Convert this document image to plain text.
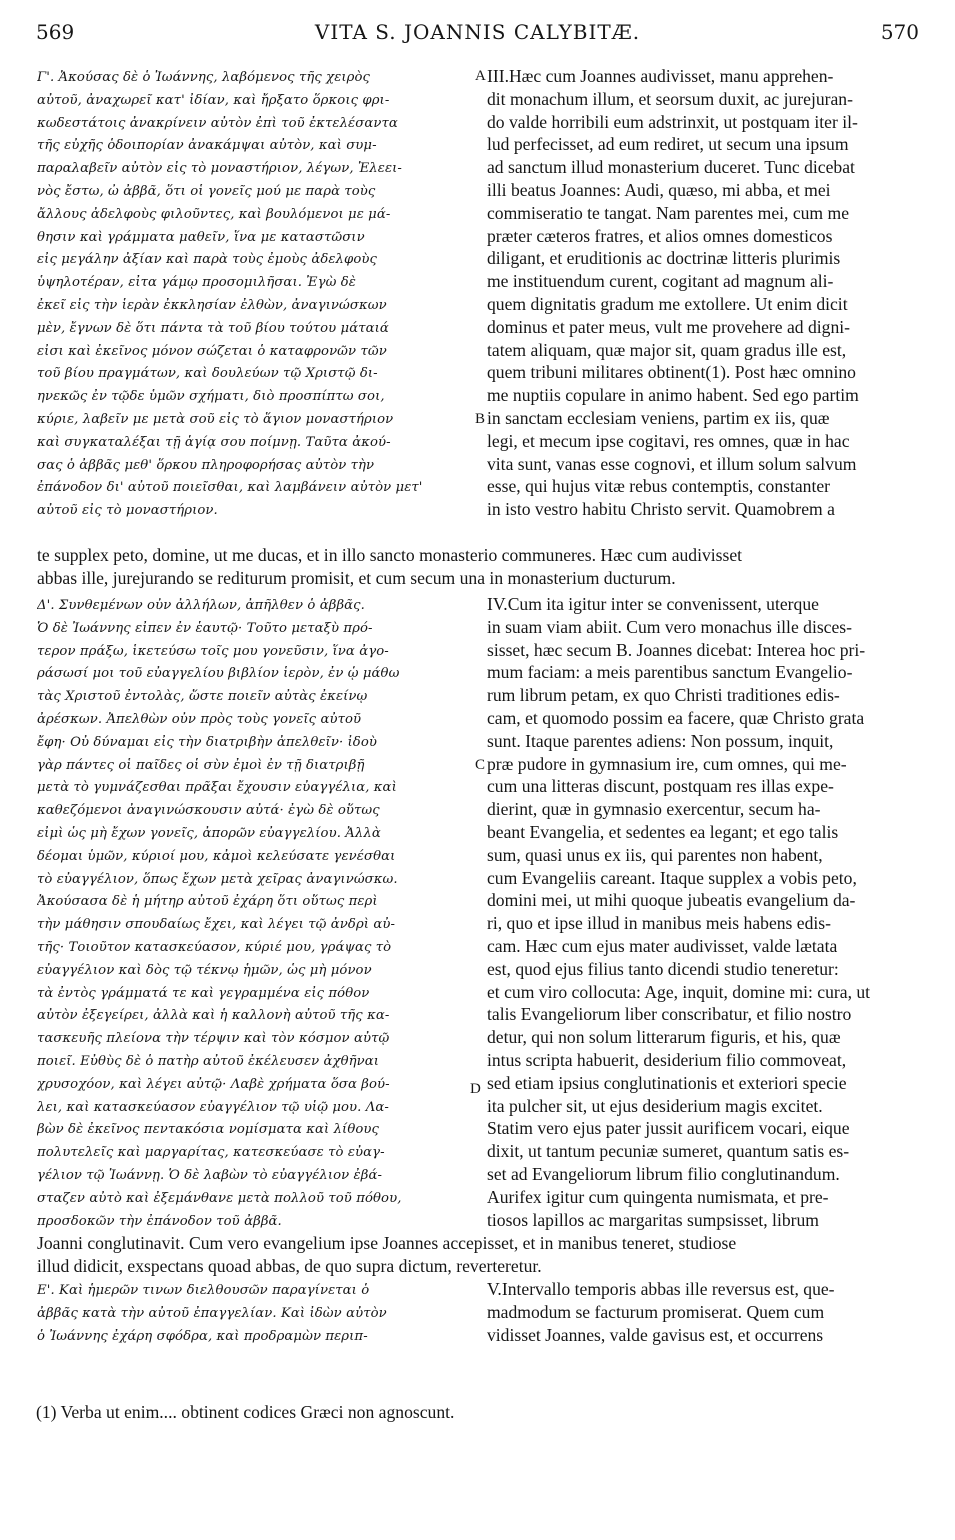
569	VITA S. JOANNIS CALYBITÆ.	570
Γ'. Ἀκούσας δὲ ὁ Ἰωάννης, λαβόμενος τῆς χειρὸς
αὐτοῦ, ἀναχωρεῖ κατ' ἰδίαν, καὶ ἤρξατο ὅρκοις φρι-
κωδεστάτοις ἀνακρίνειν αὐτὸν ἐπὶ τοῦ ἐκτελέσαντα
τῆς εὐχῆς ὁδοιπορίαν ἀνακάμψαι αὐτὸν, καὶ συμ-
παραλαβεῖν αὐτὸν εἰς τὸ μοναστήριον, λέγων, Ἐλεει-
νὸς ἔστω, ὦ ἀββᾶ, ὅτι οἱ γονεῖς μού με παρὰ τοὺς
ἄλλους ἀδελφοὺς φιλοῦντες, καὶ βουλόμενοι με μά-
θησιν καὶ γράμματα μαθεῖν, ἵνα με καταστῶσιν
εἰς μεγάλην ἀξίαν καὶ παρὰ τοὺς ἐμοὺς ἀδελφοὺς
ὑψηλοτέραν, εἶτα γάμῳ προσομιλῆσαι. Ἐγὼ δὲ
ἐκεῖ εἰς τὴν ἱερὰν ἐκκλησίαν ἐλθὼν, ἀναγινώσκων
μὲν, ἔγνων δὲ ὅτι πάντα τὰ τοῦ βίου τούτου μάταιά
εἰσι καὶ ἐκεῖνος μόνον σώζεται ὁ καταφρονῶν τῶν
τοῦ βίου πραγμάτων, καὶ δουλεύων τῷ Χριστῷ δι-
ηνεκῶς ἐν τῷδε ὑμῶν σχήματι, διὸ προσπίπτω σοι,
κύριε, λαβεῖν με μετὰ σοῦ εἰς τὸ ἅγιον μοναστήριον
καὶ συγκαταλέξαι τῇ ἁγίᾳ σου ποίμνῃ. Ταῦτα ἀκού-
σας ὁ ἀββᾶς μεθ' ὅρκου πληροφορήσας αὐτὸν τὴν
ἐπάνοδον δι' αὐτοῦ ποιεῖσθαι, καὶ λαμβάνειν αὐτὸν μετ'
αὐτοῦ εἰς τὸ μοναστήριον.
III.Hæc cum Joannes audivisset, manu apprehen-
dit monachum illum, et seorsum duxit, ac jurejuran-
do valde horribili eum adstrinxit, ut postquam iter il-
lud perfecisset, ad eum rediret, ut secum una ipsum
ad sanctum illud monasterium duceret. Tunc dicebat
illi beatus Joannes: Audi, quæso, mi abba, et mei
commiseratio te tangat. Nam parentes mei, cum me
præter cæteros fratres, et alios omnes domesticos
diligant, et eruditionis ac doctrinæ litteris plurimis
me instituendum curent, cogitant ad magnum ali-
quem dignitatis gradum me extollere. Ut enim dicit
dominus et pater meus, vult me provehere ad digni-
tatem aliquam, quæ major sit, quam gradus ille est,
quem tribuni militares obtinent(1). Post hæc omnino
me nuptiis copulare in animo habent. Sed ego partim
in sanctam ecclesiam veniens, partim ex iis, quæ
legi, et mecum ipse cogitavi, res omnes, quæ in hac
vita sunt, vanas esse cognovi, et illum solum salvum
esse, qui hujus vitæ rebus contemptis, constanter
in isto vestro habitu Christo servit. Quamobrem a
te supplex peto, domine, ut me ducas, et in illo sancto monasterio communeres. Hæc cum audivisset
abbas ille, jurejurando se rediturum promisit, et cum secum una in monasterium ducturum.
Δ'. Συνθεμένων οὖν ἀλλήλων, ἀπῆλθεν ὁ ἀββᾶς.
Ὁ δὲ Ἰωάννης εἶπεν ἐν ἑαυτῷ· Τοῦτο μεταξὺ πρό-
τερον πράξω, ἱκετεύσω τοῖς μου γονεῦσιν, ἵνα ἀγο-
ράσωσί μοι τοῦ εὐαγγελίου βιβλίον ἱερὸν, ἐν ᾧ μάθω
τὰς Χριστοῦ ἐντολὰς, ὥστε ποιεῖν αὐτὰς ἐκείνῳ
ἀρέσκων. Ἀπελθὼν οὖν πρὸς τοὺς γονεῖς αὐτοῦ
ἔφη· Οὐ δύναμαι εἰς τὴν διατριβὴν ἀπελθεῖν· ἰδοὺ
γὰρ πάντες οἱ παῖδες οἱ σὺν ἐμοὶ ἐν τῇ διατριβῇ
μετὰ τὸ γυμνάζεσθαι πρᾶξαι ἔχουσιν εὐαγγέλια, καὶ
καθεζόμενοι ἀναγινώσκουσιν αὐτά· ἐγὼ δὲ οὕτως
εἰμὶ ὡς μὴ ἔχων γονεῖς, ἀπορῶν εὐαγγελίου. Ἀλλὰ
δέομαι ὑμῶν, κύριοί μου, κἀμοὶ κελεύσατε γενέσθαι
τὸ εὐαγγέλιον, ὅπως ἔχων μετὰ χεῖρας ἀναγινώσκω.
Ἀκούσασα δὲ ἡ μήτηρ αὐτοῦ ἐχάρη ὅτι οὕτως περὶ
τὴν μάθησιν σπουδαίως ἔχει, καὶ λέγει τῷ ἀνδρὶ αὐ-
τῆς· Τοιοῦτον κατασκεύασον, κύριέ μου, γράψας τὸ
εὐαγγέλιον καὶ δὸς τῷ τέκνῳ ἡμῶν, ὡς μὴ μόνον
τὰ ἐντὸς γράμματά τε καὶ γεγραμμένα εἰς πόθον
αὐτὸν ἐξεγείρει, ἀλλὰ καὶ ἡ καλλονὴ αὐτοῦ τῆς κα-
τασκευῆς πλείονα τὴν τέρψιν καὶ τὸν κόσμον αὐτῷ
ποιεῖ. Εὐθὺς δὲ ὁ πατὴρ αὐτοῦ ἐκέλευσεν ἀχθῆναι
χρυσοχόον, καὶ λέγει αὐτῷ· Λαβὲ χρήματα ὅσα βού-
λει, καὶ κατασκεύασον εὐαγγέλιον τῷ υἱῷ μου. Λα-
βὼν δὲ ἐκεῖνος πεντακόσια νομίσματα καὶ λίθους
πολυτελεῖς καὶ μαργαρίτας, κατεσκεύασε τὸ εὐαγ-
γέλιον τῷ Ἰωάννῃ. Ὁ δὲ λαβὼν τὸ εὐαγγέλιον ἐβά-
σταζεν αὐτὸ καὶ ἐξεμάνθανε μετὰ πολλοῦ τοῦ πόθου,
προσδοκῶν τὴν ἐπάνοδον τοῦ ἀββᾶ.
IV.Cum ita igitur inter se convenissent, uterque
in suam viam abiit. Cum vero monachus ille disces-
sisset, hæc secum B. Joannes dicebat: Interea hoc pri-
mum faciam: a meis parentibus sanctum Evangelio-
rum librum petam, ex quo Christi traditiones edis-
cam, et quomodo possim ea facere, quæ Christo grata
sunt. Itaque parentes adiens: Non possum, inquit,
præ pudore in gymnasium ire, cum omnes, qui me-
cum una litteras discunt, postquam res illas expe-
dierint, quæ in gymnasio exercentur, secum ha-
beant Evangelia, et sedentes ea legant; et ego talis
sum, quasi unus ex iis, qui parentes non habent,
cum Evangeliis careant. Itaque supplex a vobis peto,
domini mei, ut mihi quoque jubeatis evangelium da-
ri, quo et ipse illud in manibus meis habens edis-
cam. Hæc cum ejus mater audivisset, valde lætata
est, quod ejus filius tanto dicendi studio teneretur:
et cum viro collocuta: Age, inquit, domine mi: cura, ut
talis Evangeliorum liber conscribatur, et filio nostro
detur, qui non solum litterarum figuris, et his, quæ
intus scripta habuerit, desiderium filio commoveat,
sed etiam ipsius conglutinationis et exteriori specie
ita pulcher sit, ut ejus desiderium magis excitet.
Statim vero ejus pater jussit aurificem vocari, eique
dixit, ut tantum pecuniæ sumeret, quantum satis es-
set ad Evangeliorum librum filio conglutinandum.
Aurifex igitur cum quingenta numismata, et pre-
tiosos lapillos ac margaritas sumpsisset, librum
Joanni conglutinavit. Cum vero evangelium ipse Joannes accepisset, et in manibus teneret, studiose
illud didicit, exspectans quoad abbas, de quo supra dictum, reverteretur.
Ε'. Καὶ ἡμερῶν τινων διελθουσῶν παραγίνεται ὁ
ἀββᾶς κατὰ τὴν αὐτοῦ ἐπαγγελίαν. Καὶ ἰδὼν αὐτὸν
ὁ Ἰωάννης ἐχάρη σφόδρα, καὶ προδραμὼν περιπ-
V.Intervallo temporis abbas ille reversus est, que-
madmodum se facturum promiserat. Quem cum
vidisset Joannes, valde gavisus est, et occurrens
A
B
C
D
(1) Verba ut enim.... obtinent codices Græci non agnoscunt.
